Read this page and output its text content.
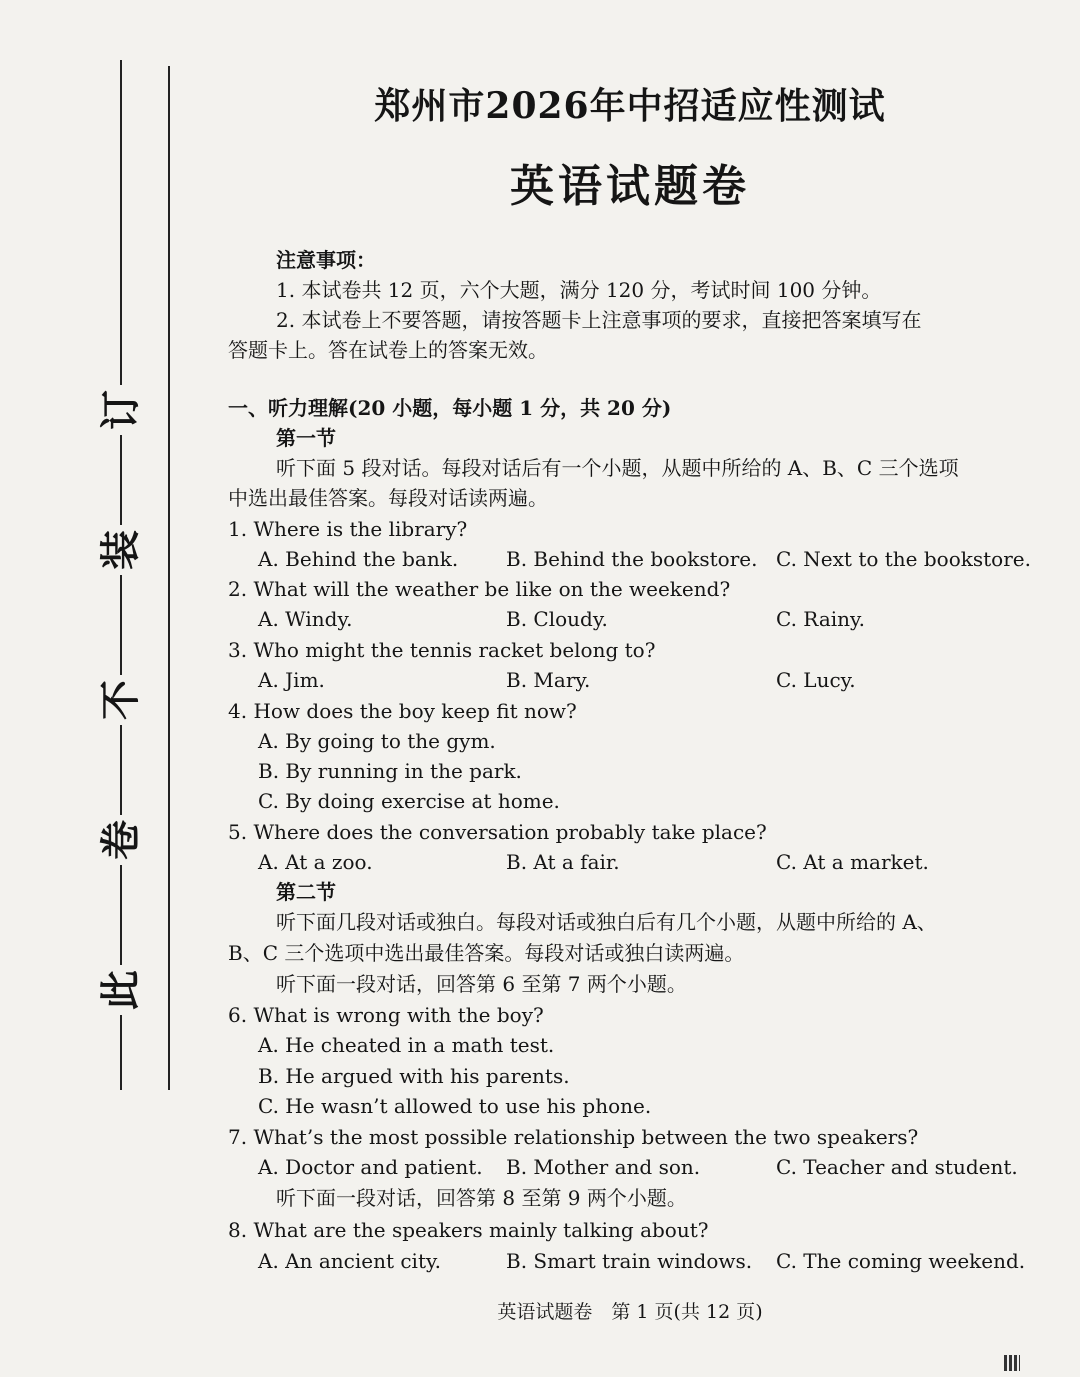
此
卷
不
装
订
郑州市2026年中招适应性测试
英语试题卷
注意事项：
1. 本试卷共 12 页，六个大题，满分 120 分，考试时间 100 分钟。
2. 本试卷上不要答题，请按答题卡上注意事项的要求，直接把答案填写在
答题卡上。答在试卷上的答案无效。
一、听力理解(20 小题，每小题 1 分，共 20 分)
第一节
听下面 5 段对话。每段对话后有一个小题，从题中所给的 A、B、C 三个选项
中选出最佳答案。每段对话读两遍。
1. Where is the library?
A. Behind the bank. B. Behind the bookstore. C. Next to the bookstore.
2. What will the weather be like on the weekend?
A. Windy.	B. Cloudy.	C. Rainy.
3. Who might the tennis racket belong to?
A. Jim.	B. Mary.	C. Lucy.
4. How does the boy keep fit now?
A. By going to the gym.
B. By running in the park.
C. By doing exercise at home.
5. Where does the conversation probably take place?
A. At a zoo.	B. At a fair.	C. At a market.
第二节
听下面几段对话或独白。每段对话或独白后有几个小题，从题中所给的 A、
B、C 三个选项中选出最佳答案。每段对话或独白读两遍。
听下面一段对话，回答第 6 至第 7 两个小题。
6. What is wrong with the boy?
A. He cheated in a math test.
B. He argued with his parents.
C. He wasn’t allowed to use his phone.
7. What’s the most possible relationship between the two speakers?
A. Doctor and patient. B. Mother and son.	C. Teacher and student.
听下面一段对话，回答第 8 至第 9 两个小题。
8. What are the speakers mainly talking about?
A. An ancient city.	B. Smart train windows. C. The coming weekend.
英语试题卷　第 1 页(共 12 页)
